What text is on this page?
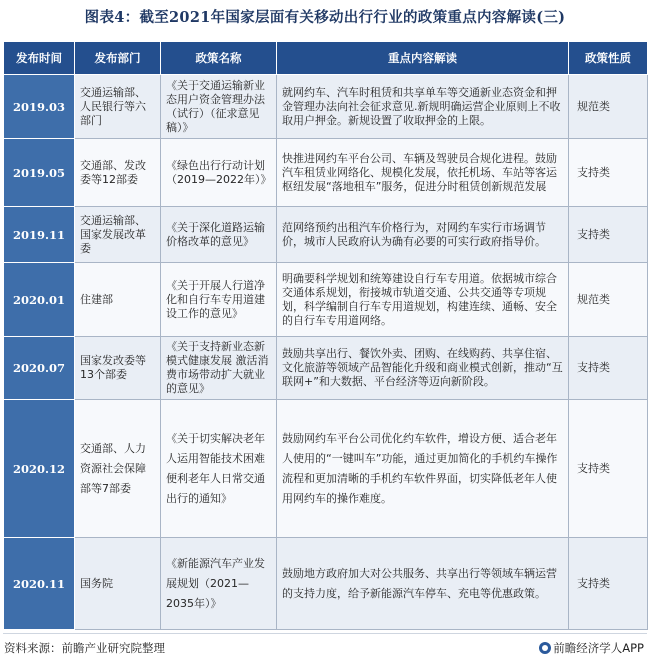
图表4：截至2021年国家层面有关移动出行行业的政策重点内容解读(三)
发布时间	发布部门	政策名称	重点内容解读	政策性质
2019.03	交通运输部、人民银行等六部门	《关于交通运输新业态用户资金管理办法（试行）（征求意见稿）》	就网约车、汽车时租赁和共享单车等交通新业态资金和押金管理办法向社会征求意见.新规明确运营企业原则上不收取用户押金。新规设置了收取押金的上限。	规范类
2019.05	交通部、发改委等12部委	《绿色出行行动计划（2019—2022年）》	快推进网约车平台公司、车辆及驾驶员合规化进程。鼓励汽车租赁业网络化、规模化发展，依托机场、车站等客运枢纽发展“落地租车”服务，促进分时租赁创新规范发展	支持类
2019.11	交通运输部、国家发展改革委	《关于深化道路运输价格改革的意见》	范网络预约出租汽车价格行为，对网约车实行市场调节价，城市人民政府认为确有必要的可实行政府指导价。	支持类
2020.01	住建部	《关于开展人行道净化和自行车专用道建设工作的意见》	明确要科学规划和统筹建设自行车专用道。依据城市综合交通体系规划，衔接城市轨道交通、公共交通等专项规划，科学编制自行车专用道规划，构建连续、通畅、安全的自行车专用道网络。	规范类
2020.07	国家发改委等13个部委	《关于支持新业态新模式健康发展 激活消费市场带动扩大就业的意见》	鼓励共享出行、餐饮外卖、团购、在线购药、共享住宿、文化旅游等领域产品智能化升级和商业模式创新，推动“互联网+”和大数据、平台经济等迈向新阶段。	支持类
2020.12	交通部、人力资源社会保障部等7部委	《关于切实解决老年人运用智能技术困难便利老年人日常交通出行的通知》	鼓励网约车平台公司优化约车软件，增设方便、适合老年人使用的“一键叫车”功能，通过更加简化的手机约车操作流程和更加清晰的手机约车软件界面，切实降低老年人使用网约车的操作难度。	支持类
2020.11	国务院	《新能源汽车产业发展规划（2021—2035年）》	鼓励地方政府加大对公共服务、共享出行等领域车辆运营的支持力度，给予新能源汽车停车、充电等优惠政策。	支持类
资料来源：前瞻产业研究院整理	前瞻经济学人APP
